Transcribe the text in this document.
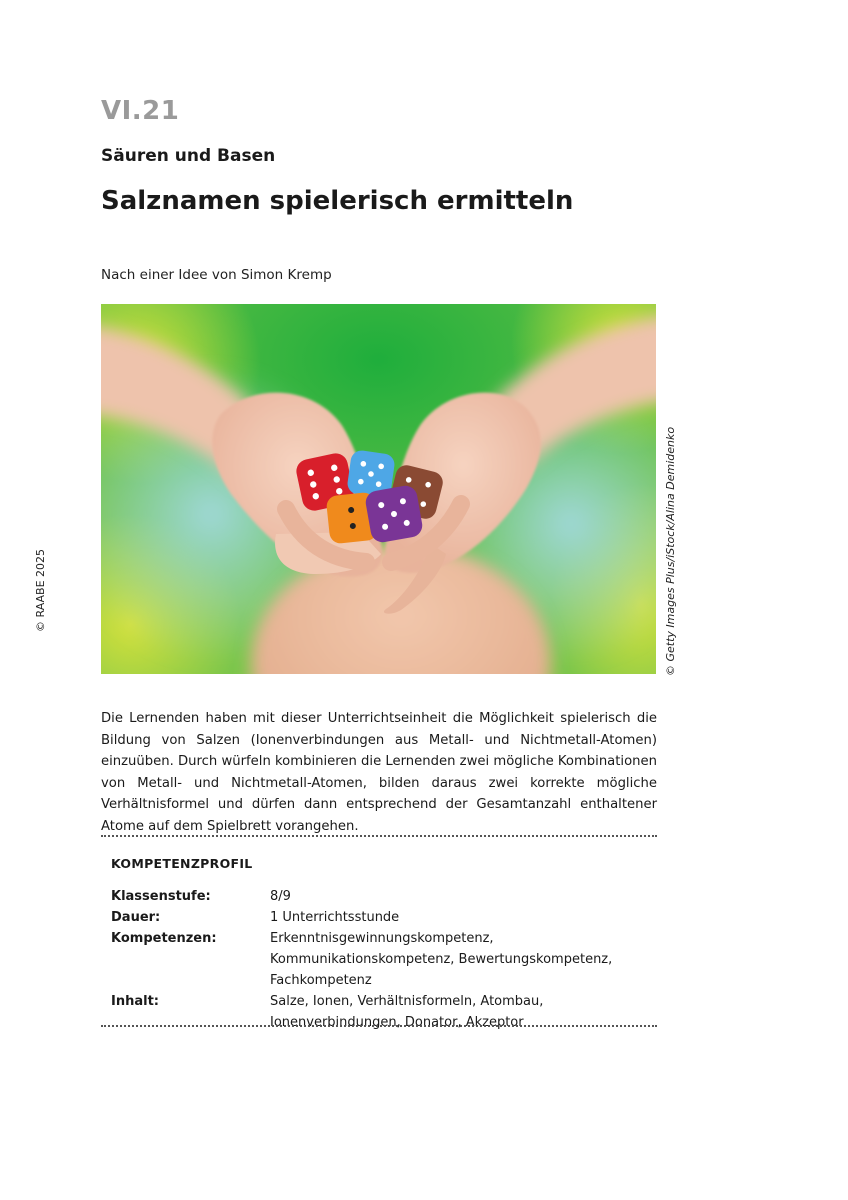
VI.21
Säuren und Basen
Salznamen spielerisch ermitteln
Nach einer Idee von Simon Kremp
© RAABE 2025	© Getty Images Plus/iStock/Alina Demidenko

Die Lernenden haben mit dieser Unterrichtseinheit die Möglichkeit spielerisch die Bildung von Salzen (Ionenverbindungen aus Metall- und Nichtmetall-Atomen) einzuüben. Durch würfeln kombinieren die Lernenden zwei mögliche Kombinationen von Metall- und Nichtmetall-Atomen, bilden daraus zwei korrekte mögliche Verhältnisformel und dürfen dann entsprechend der Gesamtanzahl enthaltener Atome auf dem Spielbrett vorangehen.

KOMPETENZPROFIL
Klassenstufe:	8/9
Dauer:	1 Unterrichtsstunde
Kompetenzen:	Erkenntnisgewinnungskompetenz, Kommunikationskompetenz, Bewertungskompetenz, Fachkompetenz
Inhalt:	Salze, Ionen, Verhältnisformeln, Atombau, Ionenverbindungen, Donator, Akzeptor
